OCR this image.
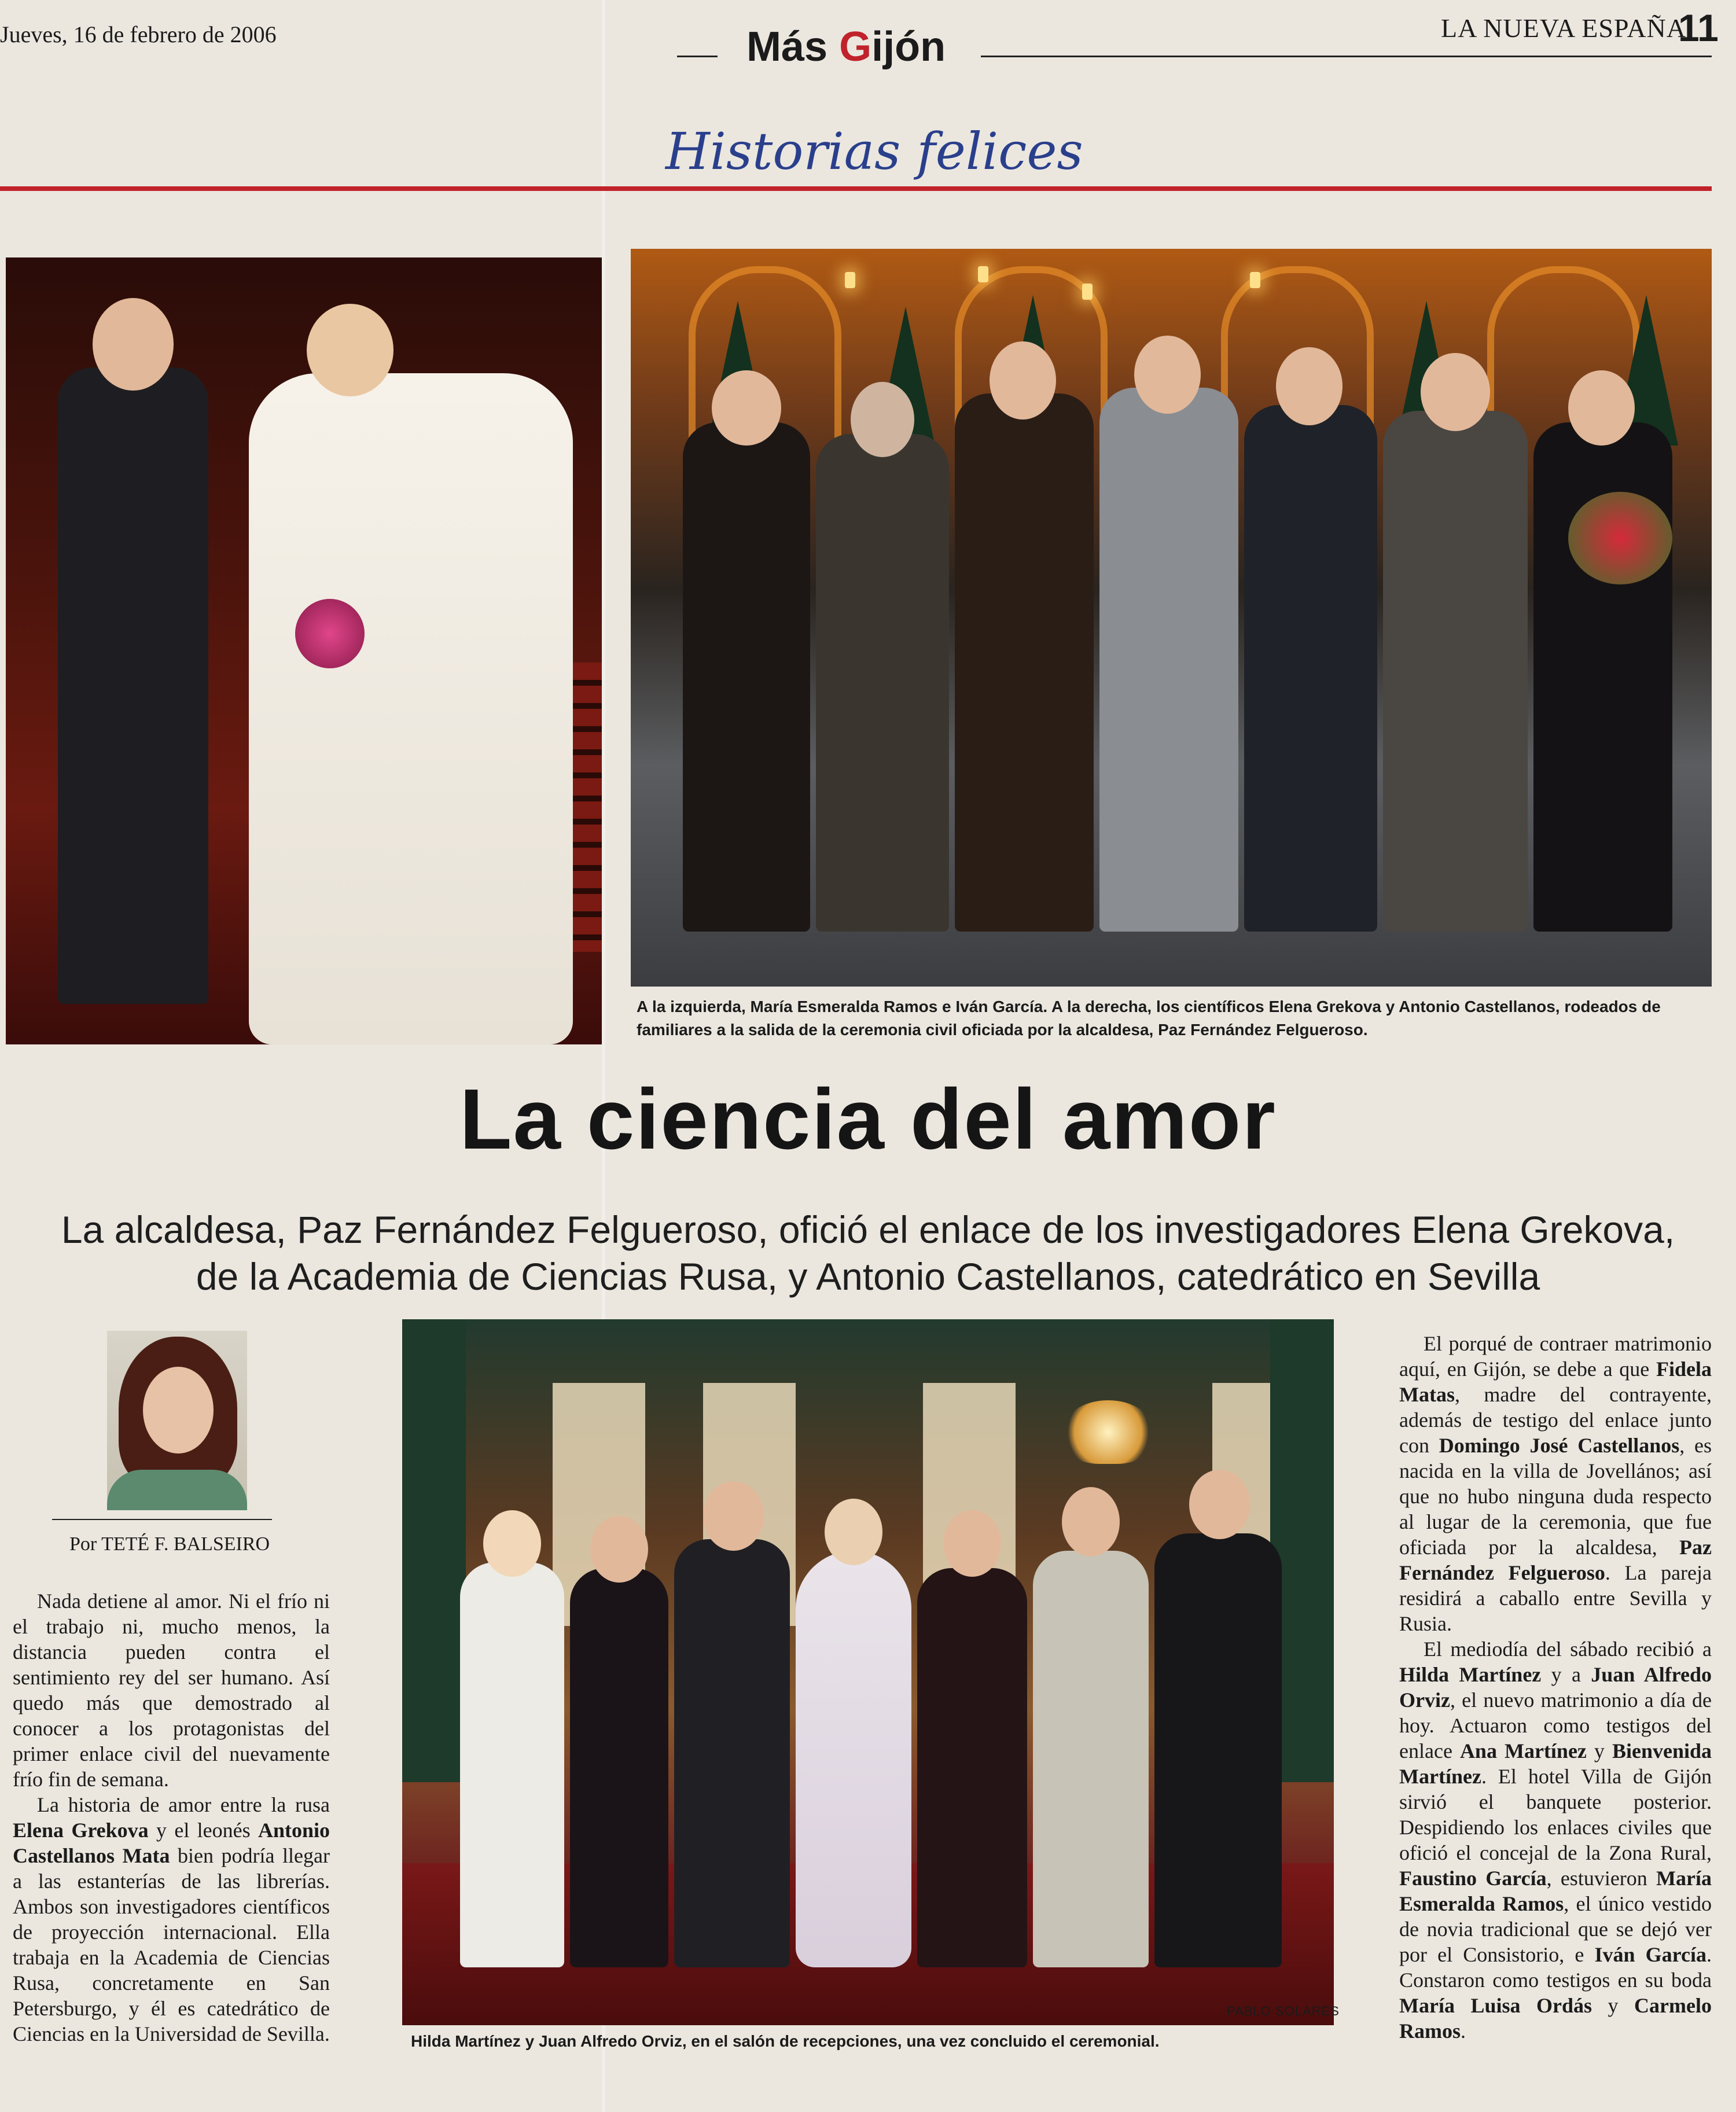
Jueves, 16 de febrero de 2006	Más Gijón	LA NUEVA ESPAÑA
11
Historias felices
A la izquierda, María Esmeralda Ramos e Iván García. A la derecha, los científicos Elena Grekova y Antonio Castellanos, rodeados de familiares a la salida de la ceremonia civil oficiada por la alcaldesa, Paz Fernández Felgueroso.
La ciencia del amor
La alcaldesa, Paz Fernández Felgueroso, ofició el enlace de los investigadores Elena Grekova,
de la Academia de Ciencias Rusa, y Antonio Castellanos, catedrático en Sevilla
Por TETÉ F. BALSEIRO

Nada detiene al amor. Ni el frío ni el trabajo ni, mucho menos, la distancia pueden contra el sentimiento rey del ser humano. Así quedo más que demostrado al conocer a los protagonistas del primer enlace civil del nuevamente frío fin de semana.

La historia de amor entre la rusa Elena Grekova y el leonés Antonio Castellanos Mata bien podría llegar a las estanterías de las librerías. Ambos son investigadores científicos de proyección internacional. Ella trabaja en la Academia de Ciencias Rusa, concretamente en San Petersburgo, y él es catedrático de Ciencias en la Universidad de Sevilla.

PABLO SOLARES
Hilda Martínez y Juan Alfredo Orviz, en el salón de recepciones, una vez concluido el ceremonial.

El porqué de contraer matrimonio aquí, en Gijón, se debe a que Fidela Matas, madre del contrayente, además de testigo del enlace junto con Domingo José Castellanos, es nacida en la villa de Jovellános; así que no hubo ninguna duda respecto al lugar de la ceremonia, que fue oficiada por la alcaldesa, Paz Fernández Felgueroso. La pareja residirá a caballo entre Sevilla y Rusia.

El mediodía del sábado recibió a Hilda Martínez y a Juan Alfredo Orviz, el nuevo matrimonio a día de hoy. Actuaron como testigos del enlace Ana Martínez y Bienvenida Martínez. El hotel Villa de Gijón sirvió el banquete posterior. Despidiendo los enlaces civiles que ofició el concejal de la Zona Rural, Faustino García, estuvieron María Esmeralda Ramos, el único vestido de novia tradicional que se dejó ver por el Consistorio, e Iván García. Constaron como testigos en su boda María Luisa Ordás y Carmelo Ramos.
